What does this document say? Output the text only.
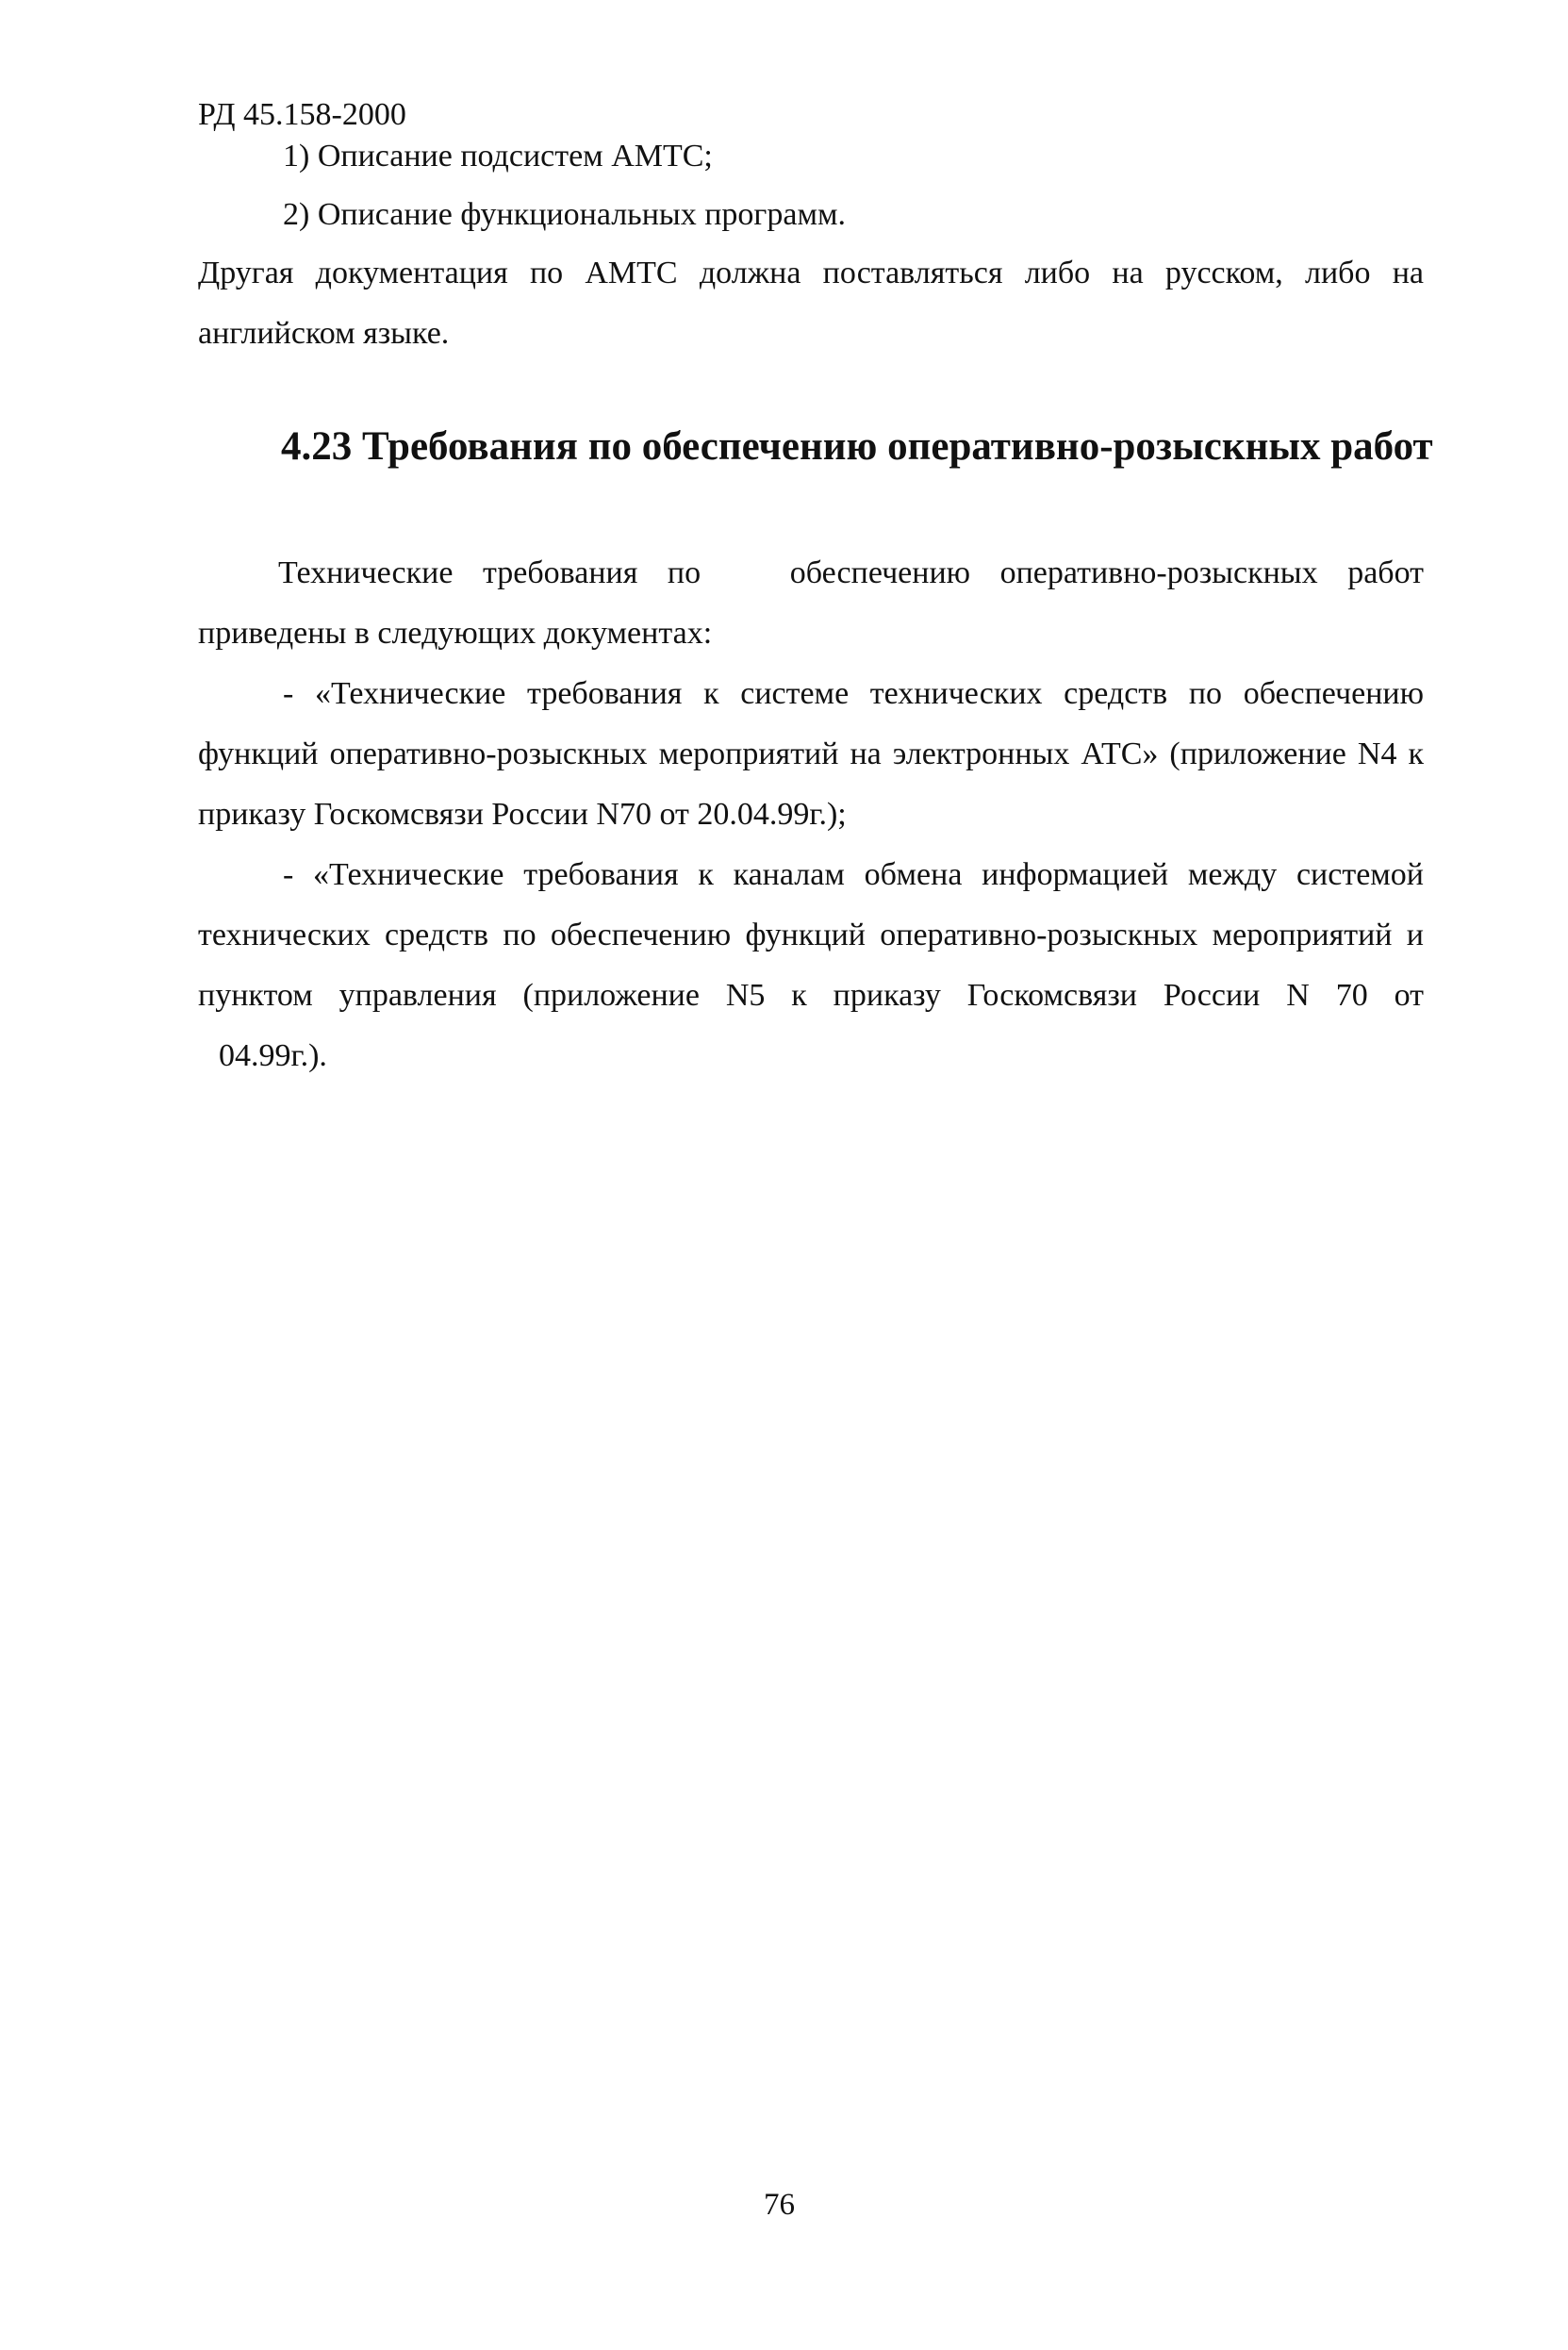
РД 45.158-2000
1) Описание подсистем АМТС;
2) Описание функциональных программ.
Другая документация по АМТС должна поставляться либо на русском, либо на
английском языке.
4.23 Требования по обеспечению оперативно-розыскных работ
Технические требования по   обеспечению оперативно-розыскных работ
приведены в следующих документах:
- «Технические требования к системе технических средств по обеспечению
функций оперативно-розыскных мероприятий на электронных АТС» (приложение N4 к
приказу Госкомсвязи России N70 от 20.04.99г.);
- «Технические требования к каналам обмена информацией между системой
технических средств по обеспечению функций оперативно-розыскных мероприятий и
пунктом управления (приложение N5 к приказу Госкомсвязи России N 70 от
04.99г.).
76
